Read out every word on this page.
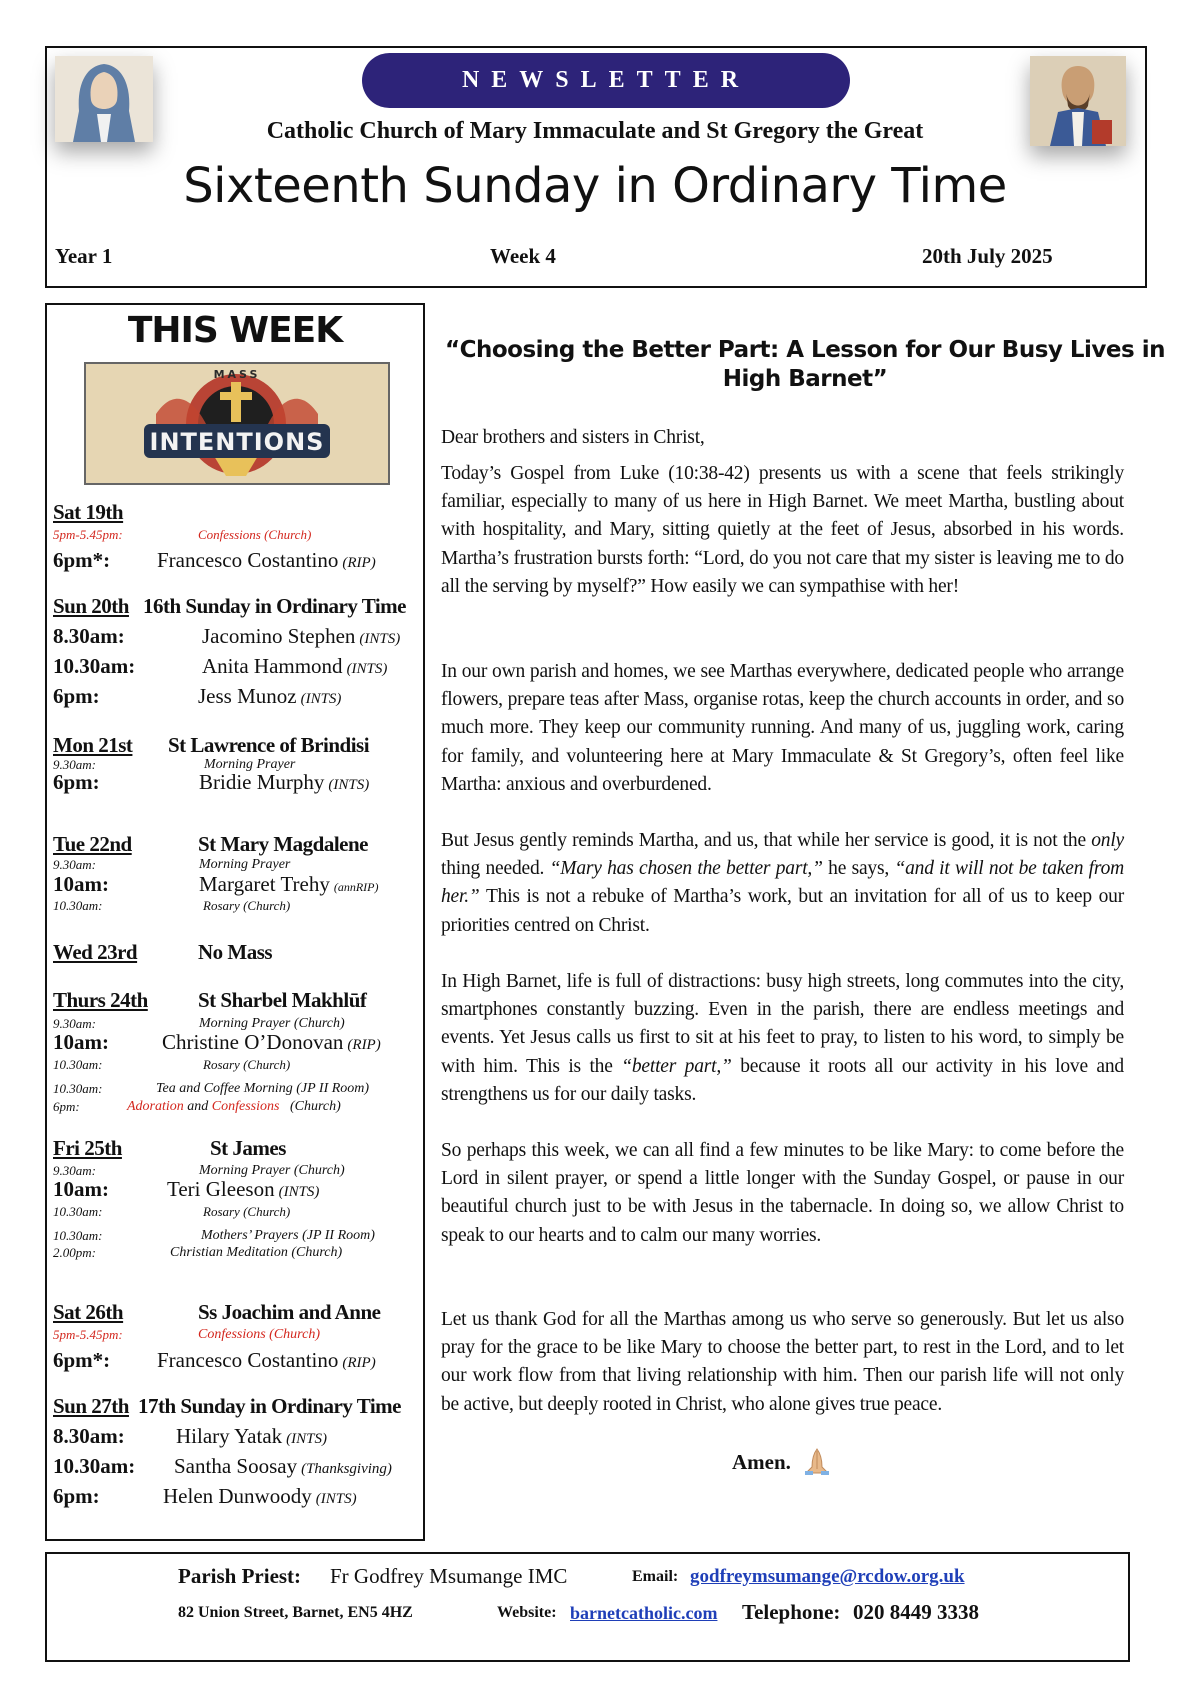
NEWSLETTER
Catholic Church of Mary Immaculate and St Gregory the Great
Sixteenth Sunday in Ordinary Time
Year 1	Week 4	20th July 2025
THIS WEEK
MASS
INTENTIONS
Sat 19th
5pm-5.45pm:	Confessions (Church)
6pm*: Francesco Costantino (RIP)
Sun 20th 16th Sunday in Ordinary Time
8.30am:	Jacomino Stephen (INTS)
10.30am:	Anita Hammond (INTS)
6pm:	Jess Munoz (INTS)
Mon 21st St Lawrence of Brindisi
9.30am:	Morning Prayer
6pm:	Bridie Murphy (INTS)
Tue 22nd	St Mary Magdalene
9.30am:	Morning Prayer
10am:	Margaret Trehy (annRIP)
10.30am:	Rosary (Church)
Wed 23rd	No Mass
Thurs 24th St Sharbel Makhlūf
9.30am:	Morning Prayer (Church)
10am:	Christine O’Donovan (RIP)
10.30am:	Rosary (Church)
10.30am:	Tea and Coffee Morning (JP II Room)
6pm:	Adoration and Confessions (Church)
Fri 25th	St James
9.30am:	Morning Prayer (Church)
10am:	Teri Gleeson (INTS)
10.30am:	Rosary (Church)
10.30am:	Mothers’ Prayers (JP II Room)
2.00pm:	Christian Meditation (Church)
Sat 26th	Ss Joachim and Anne
5pm-5.45pm:	Confessions (Church)
6pm*: Francesco Costantino (RIP)
Sun 27th 17th Sunday in Ordinary Time
8.30am: Hilary Yatak (INTS)
10.30am: Santha Soosay (Thanksgiving)
6pm:	Helen Dunwoody (INTS)
“Choosing the Better Part: A Lesson for Our Busy Lives in High Barnet”
Dear brothers and sisters in Christ,
Today’s Gospel from Luke (10:38-42) presents us with a scene that feels strikingly familiar, especially to many of us here in High Barnet. We meet Martha, bustling about with hospitality, and Mary, sitting quietly at the feet of Jesus, absorbed in his words. Martha’s frustration bursts forth: “Lord, do you not care that my sister is leaving me to do all the serving by myself?” How easily we can sympathise with her!
In our own parish and homes, we see Marthas everywhere, dedicated people who arrange flowers, prepare teas after Mass, organise rotas, keep the church accounts in order, and so much more. They keep our community running. And many of us, juggling work, caring for family, and volunteering here at Mary Immaculate & St Gregory’s, often feel like Martha: anxious and overburdened.
But Jesus gently reminds Martha, and us, that while her service is good, it is not the only thing needed. “Mary has chosen the better part,” he says, “and it will not be taken from her.” This is not a rebuke of Martha’s work, but an invitation for all of us to keep our priorities centred on Christ.
In High Barnet, life is full of distractions: busy high streets, long commutes into the city, smartphones constantly buzzing. Even in the parish, there are endless meetings and events. Yet Jesus calls us first to sit at his feet to pray, to listen to his word, to simply be with him. This is the “better part,” because it roots all our activity in his love and strengthens us for our daily tasks.
So perhaps this week, we can all find a few minutes to be like Mary: to come before the Lord in silent prayer, or spend a little longer with the Sunday Gospel, or pause in our beautiful church just to be with Jesus in the tabernacle. In doing so, we allow Christ to speak to our hearts and to calm our many worries.
Let us thank God for all the Marthas among us who serve so generously. But let us also pray for the grace to be like Mary to choose the better part, to rest in the Lord, and to let our work flow from that living relationship with him. Then our parish life will not only be active, but deeply rooted in Christ, who alone gives true peace.
Amen.
Parish Priest: Fr Godfrey Msumange IMC	Email: godfreymsumange@rcdow.org.uk
82 Union Street, Barnet, EN5 4HZ	Website: barnetcatholic.com Telephone: 020 8449 3338
